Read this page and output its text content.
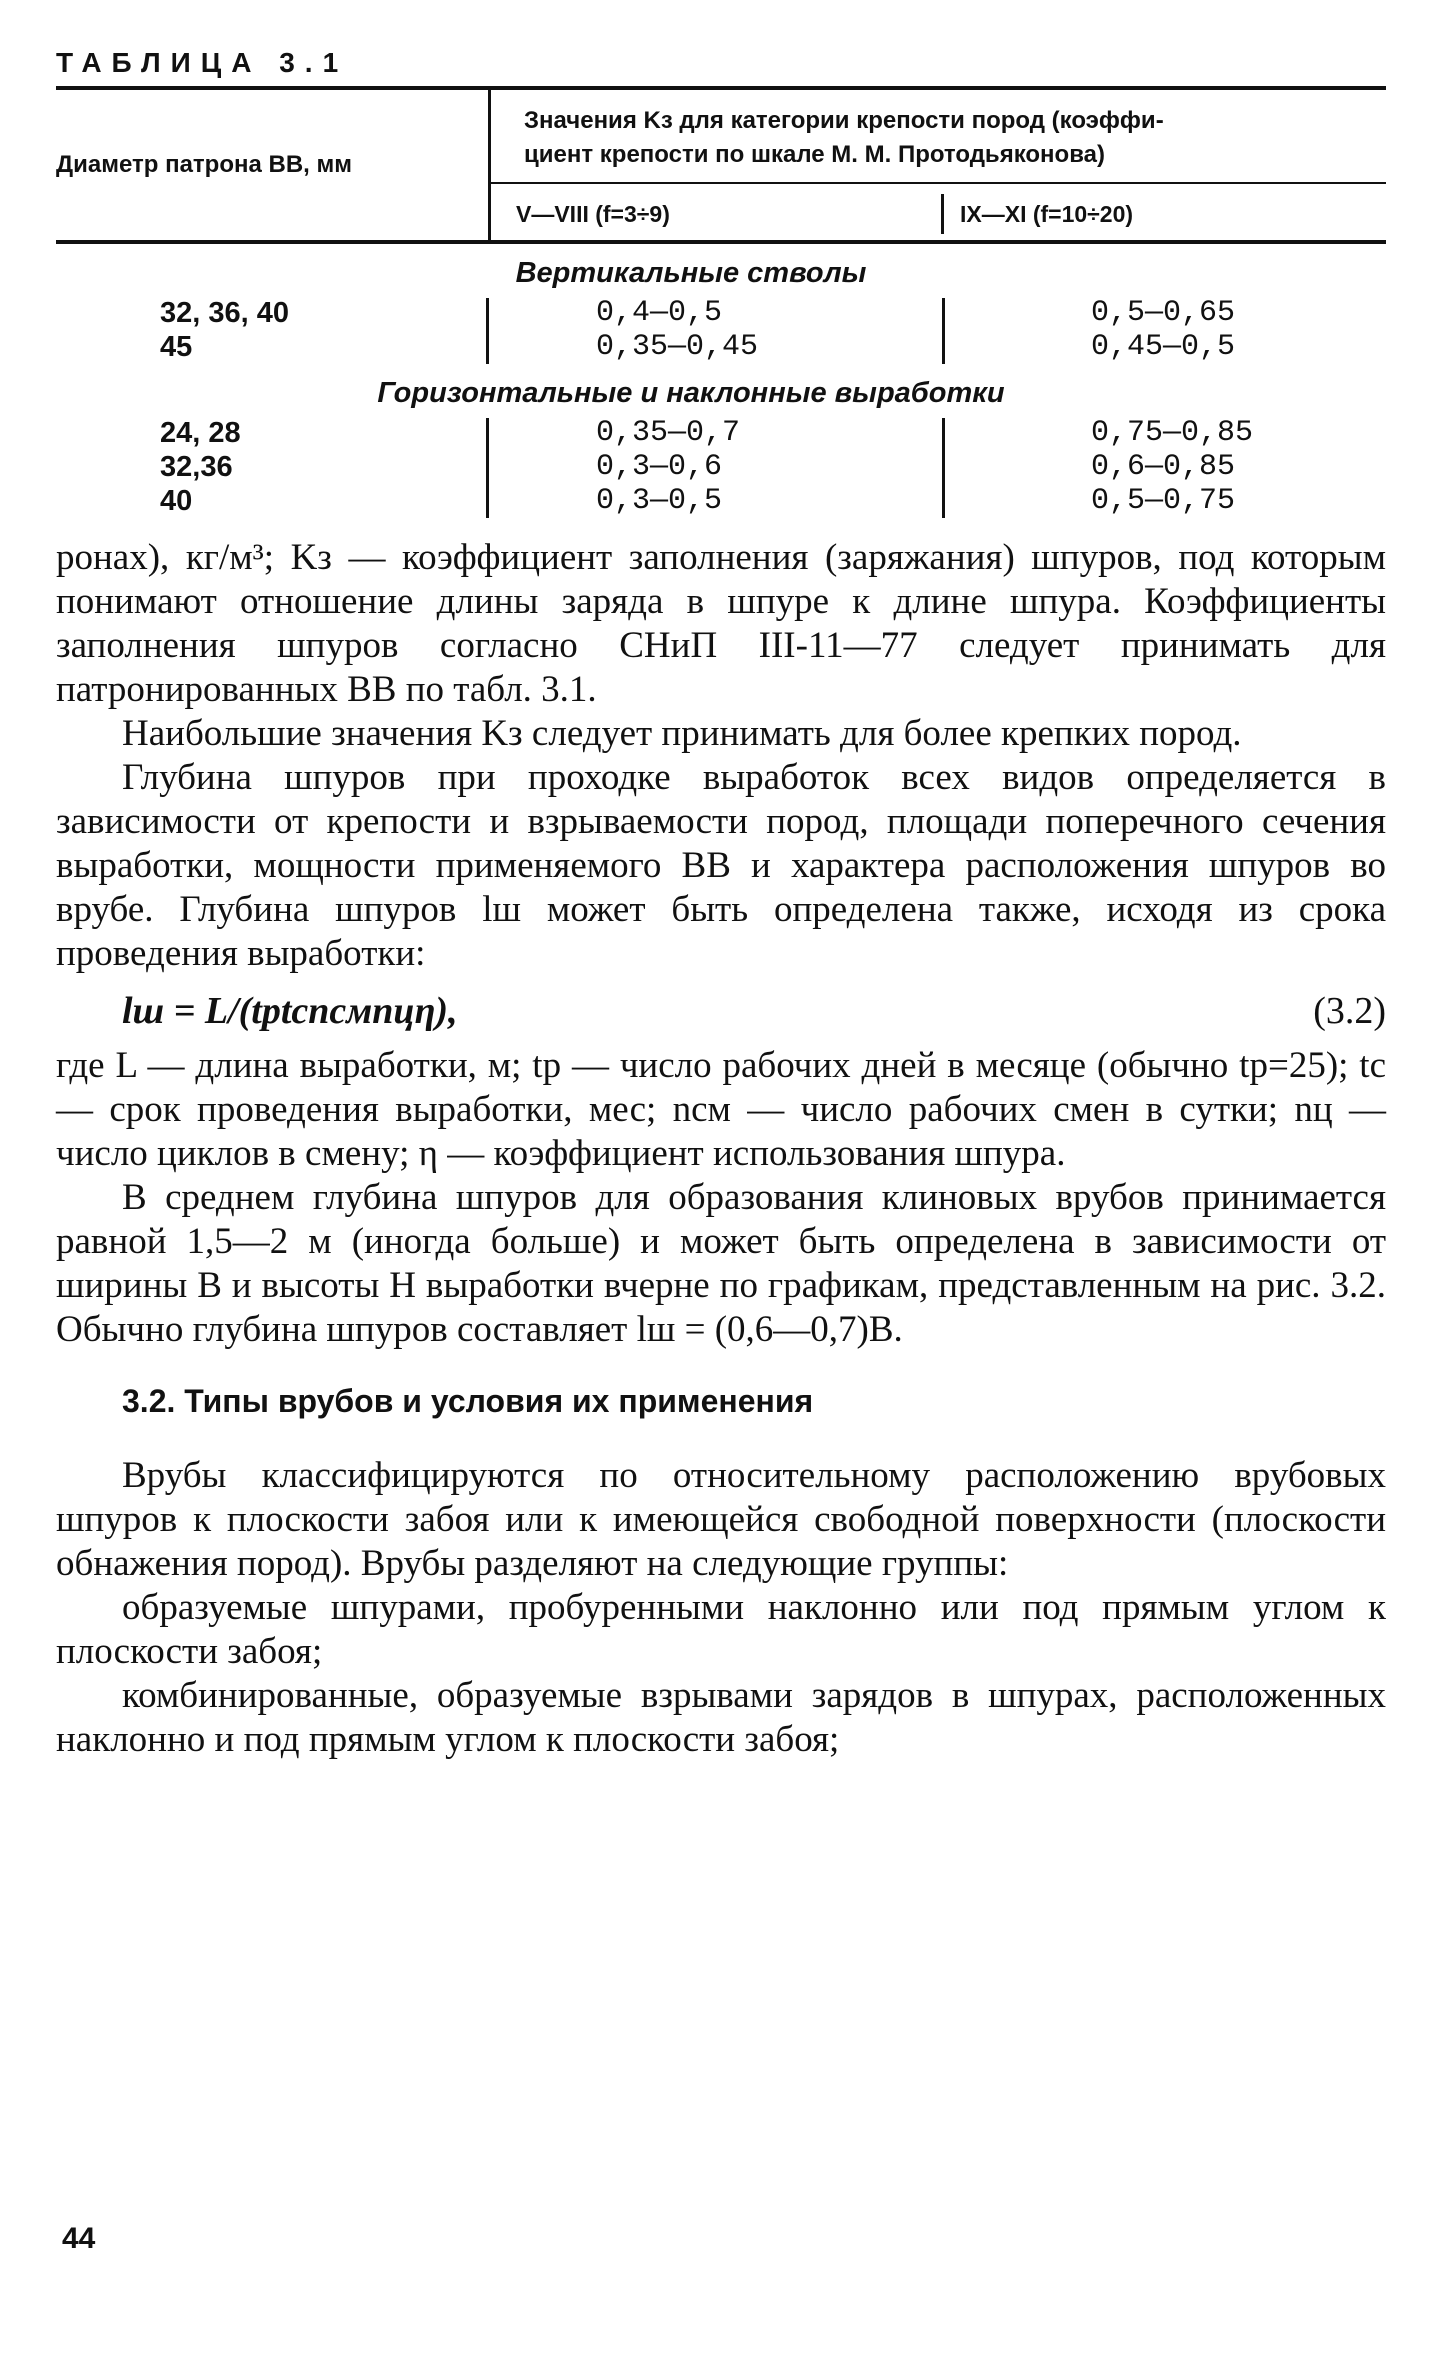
ТАБЛИЦА 3.1
Диаметр патрона ВВ, мм
Значения Kз для категории крепости пород (коэффи-
циент крепости по шкале М. М. Протодьяконова)
V—VIII (f=3÷9)	IX—XI (f=10÷20)
Вертикальные стволы
32, 36, 40	0,4—0,5	0,5—0,65
45	0,35—0,45	0,45—0,5
Горизонтальные и наклонные выработки
24, 28	0,35—0,7	0,75—0,85
32,36	0,3—0,6	0,6—0,85
40	0,3—0,5	0,5—0,75

ронах), кг/м³; Kз — коэффициент заполнения (заряжания) шпуров, под которым понимают отношение длины заряда в шпуре к длине шпура. Коэффициенты заполнения шпуров согласно СНиП III-11—77 следует принимать для патронированных ВВ по табл. 3.1.

Наибольшие значения Kз следует принимать для более крепких пород.

Глубина шпуров при проходке выработок всех видов определяется в зависимости от крепости и взрываемости пород, площади поперечного сечения выработки, мощности применяемого ВВ и характера расположения шпуров во врубе. Глубина шпуров lш может быть определена также, исходя из срока проведения выработки:

lш = L/(tрtсnсмnцη),	(3.2)

где L — длина выработки, м; tр — число рабочих дней в месяце (обычно tр=25); tс — срок проведения выработки, мес; nсм — число рабочих смен в сутки; nц — число циклов в смену; η — коэффициент использования шпура.

В среднем глубина шпуров для образования клиновых врубов принимается равной 1,5—2 м (иногда больше) и может быть определена в зависимости от ширины B и высоты H выработки вчерне по графикам, представленным на рис. 3.2. Обычно глубина шпуров составляет lш = (0,6—0,7)B.

3.2. Типы врубов и условия их применения

Врубы классифицируются по относительному расположению врубовых шпуров к плоскости забоя или к имеющейся свободной поверхности (плоскости обнажения пород). Врубы разделяют на следующие группы:

образуемые шпурами, пробуренными наклонно или под прямым углом к плоскости забоя;

комбинированные, образуемые взрывами зарядов в шпурах, расположенных наклонно и под прямым углом к плоскости забоя;

44
